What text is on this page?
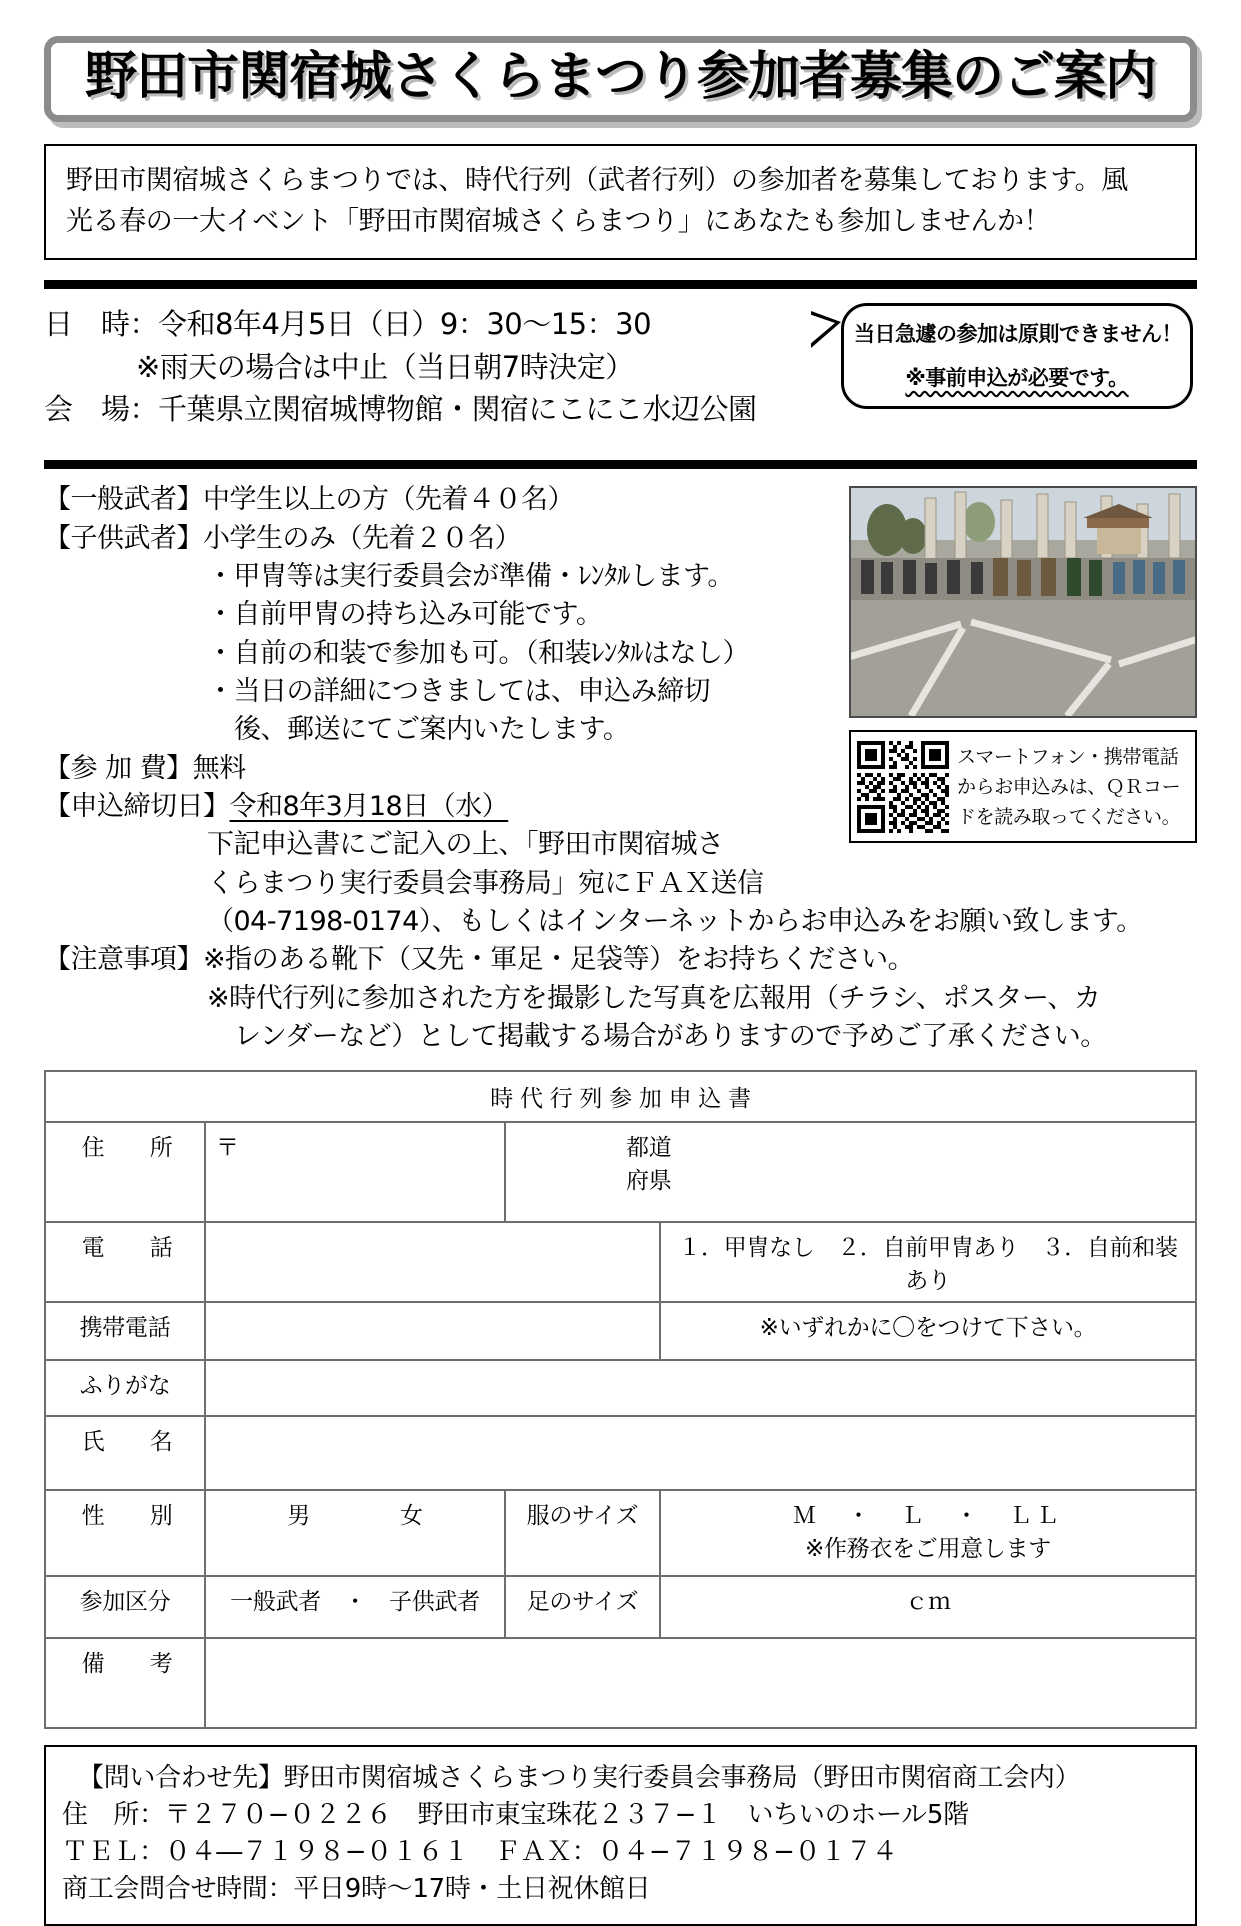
野田市関宿城さくらまつり参加者募集のご案内
野田市関宿城さくらまつりでは、時代行列（武者行列）の参加者を募集しております。風
光る春の一大イベント「野田市関宿城さくらまつり」にあなたも参加しませんか！
日　時：令和8年4月5日（日）9：30～15：30
※雨天の場合は中止（当日朝7時決定）
会　場：千葉県立関宿城博物館・関宿にこにこ水辺公園
当日急遽の参加は原則できません！
※事前申込が必要です。
スマートフォン・携帯電話
からお申込みは、ＱＲコー
ドを読み取ってください。
【一般武者】中学生以上の方（先着４０名）
【子供武者】小学生のみ（先着２０名）
・甲冑等は実行委員会が準備・ﾚﾝﾀﾙします。
・自前甲冑の持ち込み可能です。
・自前の和装で参加も可。（和装ﾚﾝﾀﾙはなし）
・当日の詳細につきましては、申込み締切
後、郵送にてご案内いたします。
【参 加 費】無料
【申込締切日】令和8年3月18日（水）
下記申込書にご記入の上、「野田市関宿城さ
くらまつり実行委員会事務局」宛にＦＡＸ送信
（04-7198-0174）、もしくはインターネットからお申込みをお願い致します。
【注意事項】※指のある靴下（又先・軍足・足袋等）をお持ちください。
※時代行列に参加された方を撮影した写真を広報用（チラシ、ポスター、カ
レンダーなど）として掲載する場合がありますので予めご了承ください。
時 代 行 列 参 加 申 込 書			
住　　所	〒	都道
府県	

電　　話			１．甲冑なし　２．自前甲冑あり　３．自前和装あり
携帯電話			※いずれかに〇をつけて下さい。
ふりがな			
氏　　名			
性　　別	男 女	服のサイズ	Ｍ　・　Ｌ　・　ＬＬ
※作務衣をご用意します

参加区分	一般武者　・　子供武者	足のサイズ	ｃｍ
備　　考			
【問い合わせ先】野田市関宿城さくらまつり実行委員会事務局（野田市関宿商工会内）
住　所：〒２７０−０２２６　野田市東宝珠花２３７−１　いちいのホール5階
ＴＥＬ：０４―７１９８−０１６１　ＦＡＸ：０４−７１９８−０１７４
商工会問合せ時間：平日9時～17時・土日祝休館日
